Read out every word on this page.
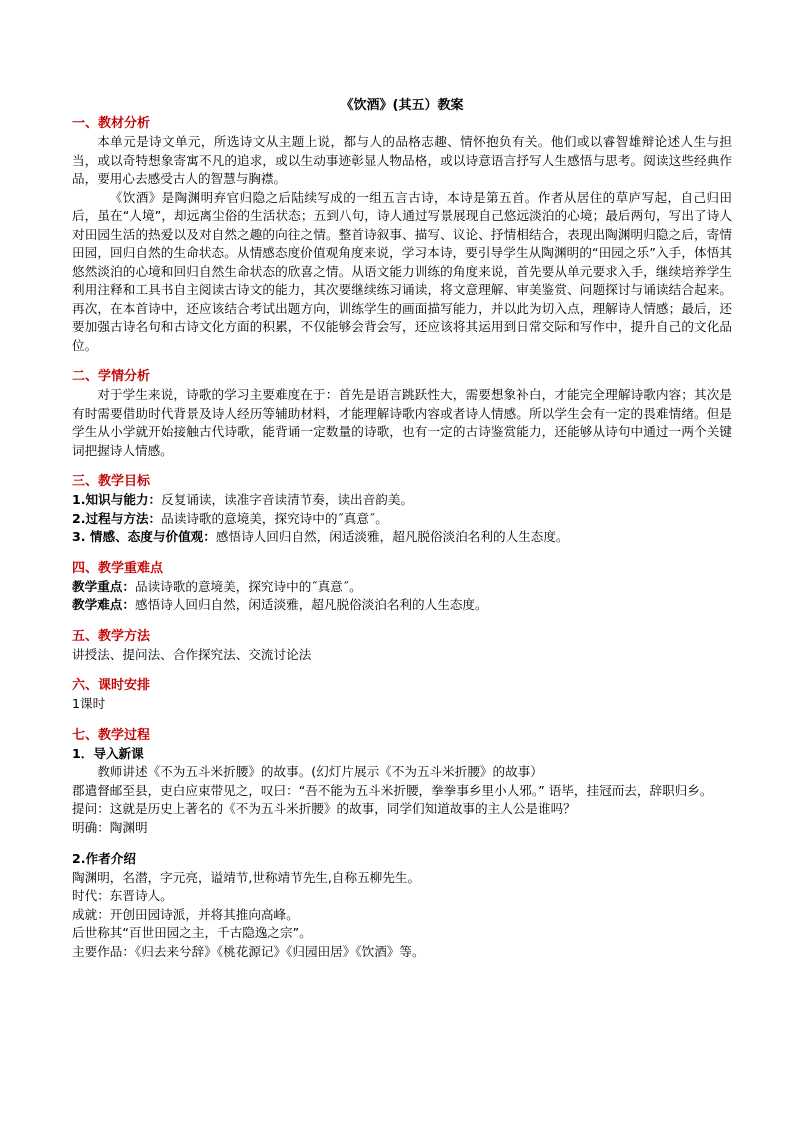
《饮酒》(其五）教案
一、教材分析

本单元是诗文单元，所选诗文从主题上说，都与人的品格志趣、情怀抱负有关。他们或以睿智雄辩论述人生与担当，或以奇特想象寄寓不凡的追求，或以生动事迹彰显人物品格，或以诗意语言抒写人生感悟与思考。阅读这些经典作品，要用心去感受古人的智慧与胸襟。

《饮酒》是陶渊明弃官归隐之后陆续写成的一组五言古诗，本诗是第五首。作者从居住的草庐写起，自己归田后，虽在“人境”，却远离尘俗的生活状态；五到八句，诗人通过写景展现自己悠远淡泊的心境；最后两句，写出了诗人对田园生活的热爱以及对自然之趣的向往之情。整首诗叙事、描写、议论、抒情相结合，表现出陶渊明归隐之后，寄情田园，回归自然的生命状态。从情感态度价值观角度来说，学习本诗，要引导学生从陶渊明的“田园之乐”入手，体悟其悠然淡泊的心境和回归自然生命状态的欣喜之情。从语文能力训练的角度来说，首先要从单元要求入手，继续培养学生利用注释和工具书自主阅读古诗文的能力，其次要继续练习诵读，将文意理解、审美鉴赏、问题探讨与诵读结合起来。再次，在本首诗中，还应该结合考试出题方向，训练学生的画面描写能力，并以此为切入点，理解诗人情感；最后，还要加强古诗名句和古诗文化方面的积累，不仅能够会背会写，还应该将其运用到日常交际和写作中，提升自己的文化品位。

二、学情分析

对于学生来说，诗歌的学习主要难度在于：首先是语言跳跃性大，需要想象补白，才能完全理解诗歌内容；其次是有时需要借助时代背景及诗人经历等辅助材料，才能理解诗歌内容或者诗人情感。所以学生会有一定的畏难情绪。但是学生从小学就开始接触古代诗歌，能背诵一定数量的诗歌，也有一定的古诗鉴赏能力，还能够从诗句中通过一两个关键词把握诗人情感。

三、教学目标

1.知识与能力：反复诵读，读准字音读清节奏，读出音韵美。

2.过程与方法：品读诗歌的意境美，探究诗中的˝真意˝。

3. 情感、态度与价值观：感悟诗人回归自然，闲适淡雅，超凡脱俗淡泊名利的人生态度。

四、教学重难点

教学重点：品读诗歌的意境美，探究诗中的˝真意˝。

教学难点：感悟诗人回归自然，闲适淡雅，超凡脱俗淡泊名利的人生态度。

五、教学方法

讲授法、提问法、合作探究法、交流讨论法

六、课时安排

1课时

七、教学过程

1．导入新课

教师讲述《不为五斗米折腰》的故事。(幻灯片展示《不为五斗米折腰》的故事）

郡遣督邮至县，吏白应束带见之，叹曰：“吾不能为五斗米折腰，拳拳事乡里小人邪。” 语毕，挂冠而去，辞职归乡。

提问：这就是历史上著名的《不为五斗米折腰》的故事，同学们知道故事的主人公是谁吗？

明确：陶渊明

2.作者介绍

陶渊明，名潜，字元亮，谥靖节,世称靖节先生,自称五柳先生。

时代：东晋诗人。

成就：开创田园诗派，并将其推向高峰。

后世称其“百世田园之主，千古隐逸之宗”。

主要作品：《归去来兮辞》《桃花源记》《归园田居》《饮酒》等。
